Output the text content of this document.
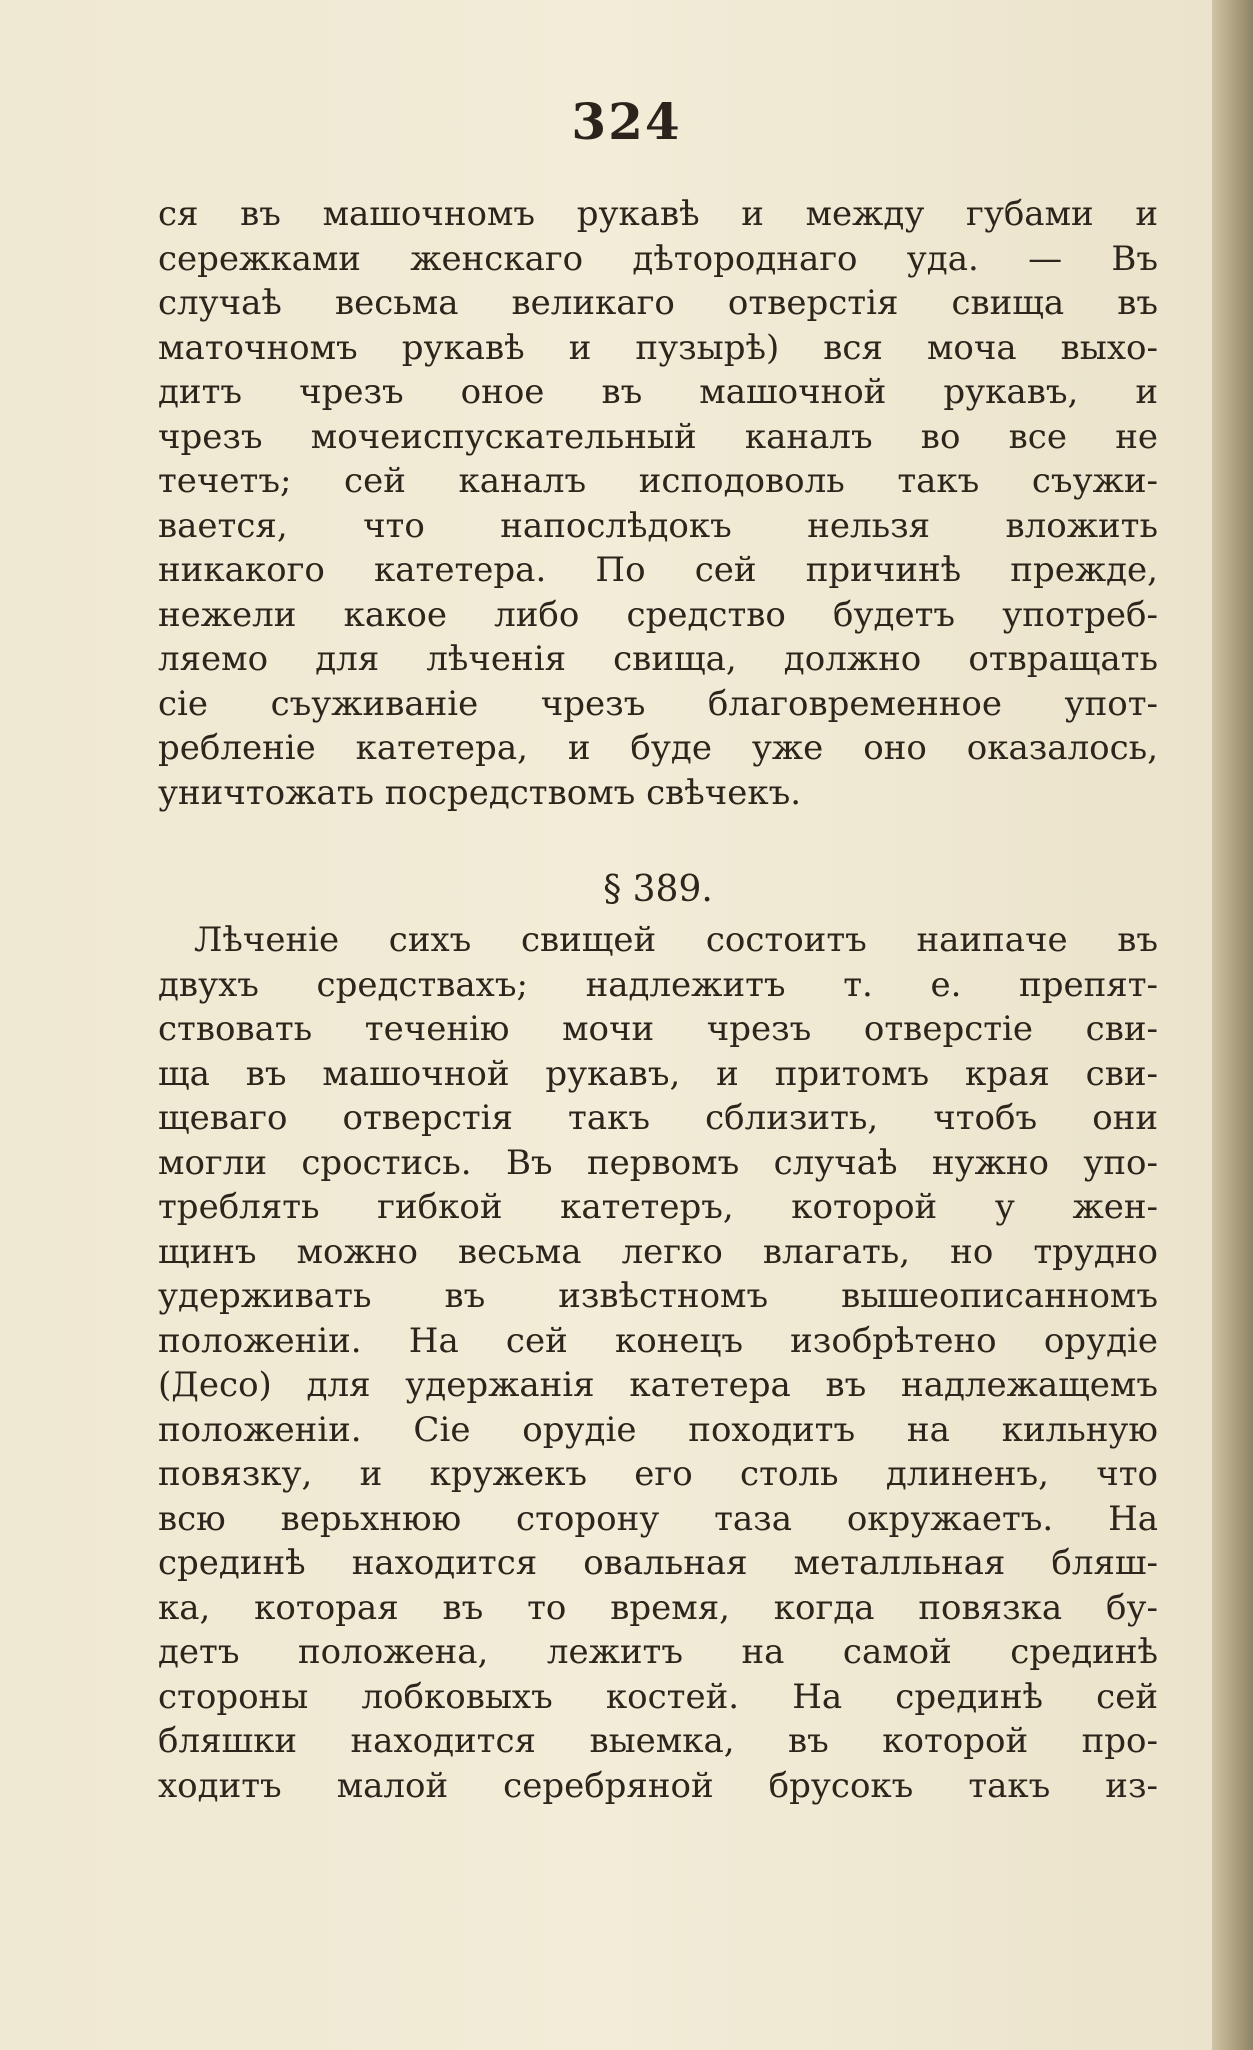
324
ся въ машочномъ рукавѣ и между губами и
сережками женскаго дѣтороднаго уда. — Въ
случаѣ весьма великаго отверстія свища въ
маточномъ рукавѣ и пузырѣ) вся моча выхо-
дитъ чрезъ оное въ машочной рукавъ, и
чрезъ мочеиспускательный каналъ во все не
течетъ; сей каналъ исподоволь такъ съужи-
вается, что напослѣдокъ нельзя вложить
никакого катетера. По сей причинѣ прежде,
нежели какое либо средство будетъ употреб-
ляемо для лѣченія свища, должно отвращать
сіе съуживаніе чрезъ благовременное упот-
ребленіе катетера, и буде уже оно оказалось,
уничтожать посредствомъ свѣчекъ.
§ 389.
Лѣченіе сихъ свищей состоитъ наипаче въ
двухъ средствахъ; надлежитъ т. е. препят-
ствовать теченію мочи чрезъ отверстіе сви-
ща въ машочной рукавъ, и притомъ края сви-
щеваго отверстія такъ сблизить, чтобъ они
могли сростись. Въ первомъ случаѣ нужно упо-
треблять гибкой катетеръ, которой у жен-
щинъ можно весьма легко влагать, но трудно
удерживать въ извѣстномъ вышеописанномъ
положеніи. На сей конецъ изобрѣтено орудіе
(Деcо) для удержанія катетера въ надлежащемъ
положеніи. Сіе орудіе походитъ на кильную
повязку, и кружекъ его столь длиненъ, что
всю верьхнюю сторону таза окружаетъ. На
срединѣ находится овальная металльная бляш-
ка, которая въ то время, когда повязка бу-
детъ положена, лежитъ на самой срединѣ
стороны лобковыхъ костей. На срединѣ сей
бляшки находится выемка, въ которой про-
ходитъ малой серебряной брусокъ такъ из-
